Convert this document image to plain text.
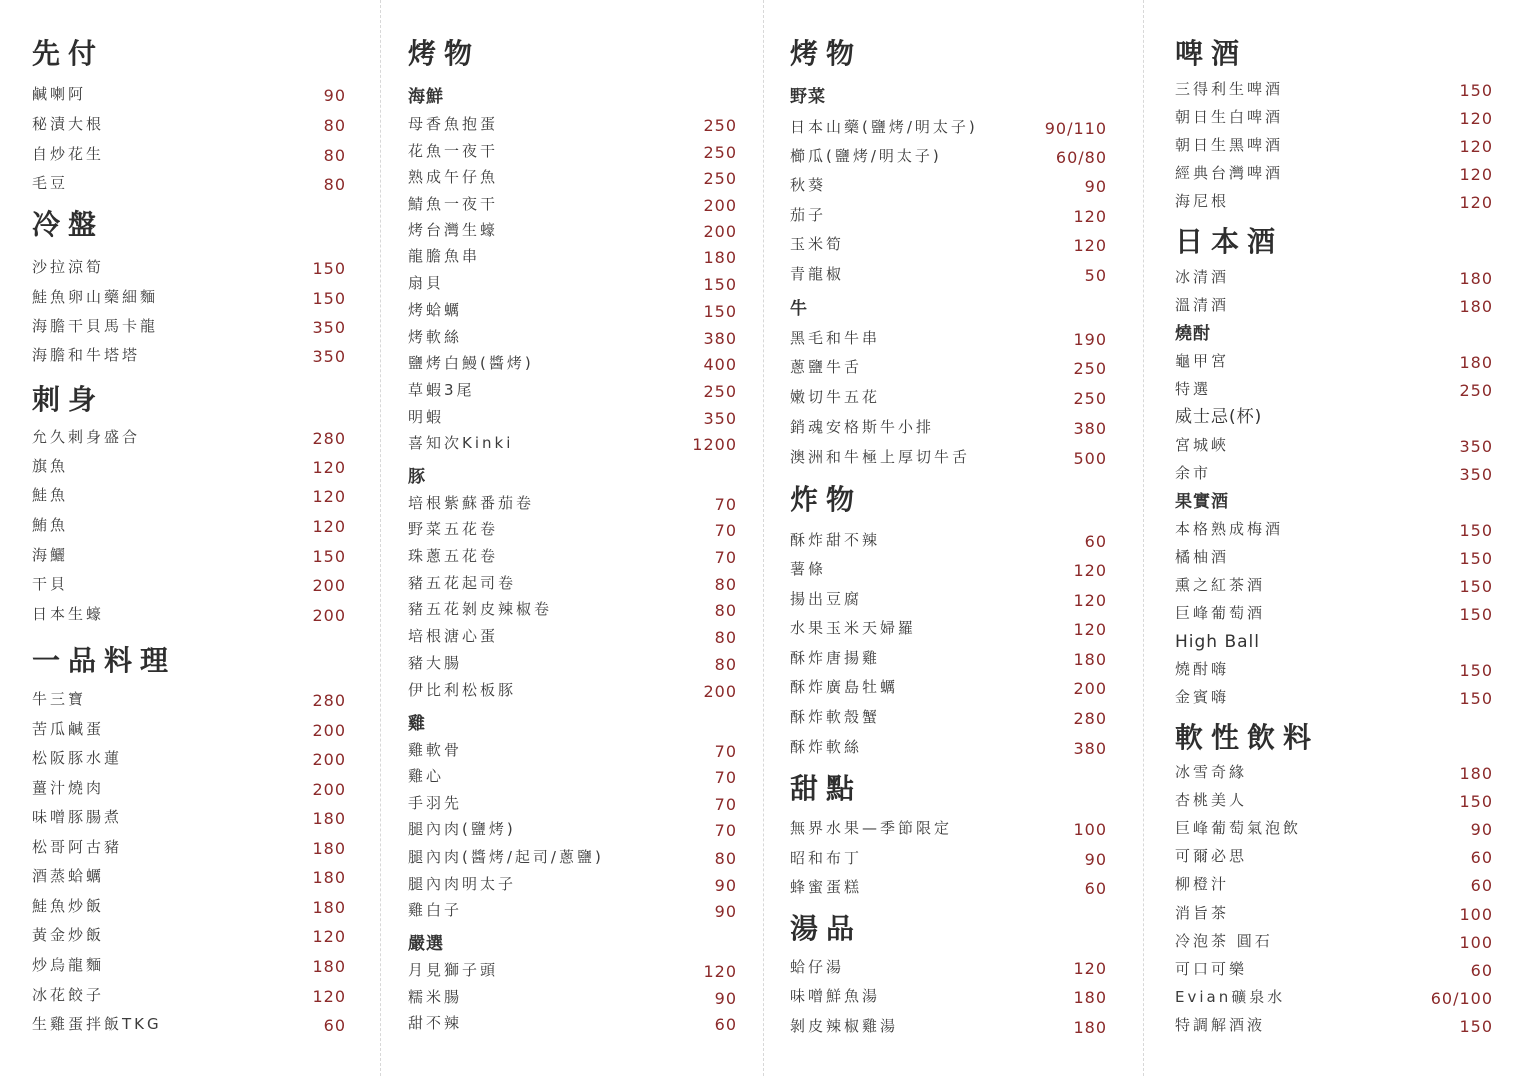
先付
鹹喇阿	90
秘漬大根	80
自炒花生	80
毛豆	80
冷盤
沙拉涼筍	150
鮭魚卵山藥細麵	150
海膽干貝馬卡龍	350
海膽和牛塔塔	350
刺身
允久刺身盛合	280
旗魚	120
鮭魚	120
鮪魚	120
海鱺	150
干貝	200
日本生蠔	200
一品料理
牛三寶	280
苦瓜鹹蛋	200
松阪豚水蓮	200
薑汁燒肉	200
味噌豚腸煮	180
松哥阿古豬	180
酒蒸蛤蠣	180
鮭魚炒飯	180
黃金炒飯	120
炒烏龍麵	180
冰花餃子	120
生雞蛋拌飯TKG	60
烤物
海鮮
母香魚抱蛋	250
花魚一夜干	250
熟成午仔魚	250
鯖魚一夜干	200
烤台灣生蠔	200
龍膽魚串	180
扇貝	150
烤蛤蠣	150
烤軟絲	380
鹽烤白鰻(醬烤)	400
草蝦3尾	250
明蝦	350
喜知次Kinki	1200
豚
培根紫蘇番茄卷	70
野菜五花卷	70
珠蔥五花卷	70
豬五花起司卷	80
豬五花剝皮辣椒卷	80
培根溏心蛋	80
豬大腸	80
伊比利松板豚	200
雞
雞軟骨	70
雞心	70
手羽先	70
腿內肉(鹽烤)	70
腿內肉(醬烤/起司/蔥鹽)	80
腿內肉明太子	90
雞白子	90
嚴選
月見獅子頭	120
糯米腸	90
甜不辣	60
烤物
野菜
日本山藥(鹽烤/明太子)	90/110
櫛瓜(鹽烤/明太子)	60/80
秋葵	90
茄子	120
玉米筍	120
青龍椒	50
牛
黑毛和牛串	190
蔥鹽牛舌	250
嫩切牛五花	250
銷魂安格斯牛小排	380
澳洲和牛極上厚切牛舌	500
炸物
酥炸甜不辣	60
薯條	120
揚出豆腐	120
水果玉米天婦羅	120
酥炸唐揚雞	180
酥炸廣島牡蠣	200
酥炸軟殼蟹	280
酥炸軟絲	380
甜點
無界水果—季節限定	100
昭和布丁	90
蜂蜜蛋糕	60
湯品
蛤仔湯	120
味噌鮮魚湯	180
剝皮辣椒雞湯	180
啤酒
三得利生啤酒	150
朝日生白啤酒	120
朝日生黑啤酒	120
經典台灣啤酒	120
海尼根	120
日本酒
冰清酒	180
溫清酒	180
燒酎
龜甲宮	180
特選	250
威士忌(杯)
宮城峽	350
余市	350
果實酒
本格熟成梅酒	150
橘柚酒	150
熏之紅茶酒	150
巨峰葡萄酒	150
High Ball
燒酎嗨	150
金賓嗨	150
軟性飲料
冰雪奇緣	180
杏桃美人	150
巨峰葡萄氣泡飲	90
可爾必思	60
柳橙汁	60
消旨茶	100
冷泡茶 圓石	100
可口可樂	60
Evian礦泉水	60/100
特調解酒液	150
